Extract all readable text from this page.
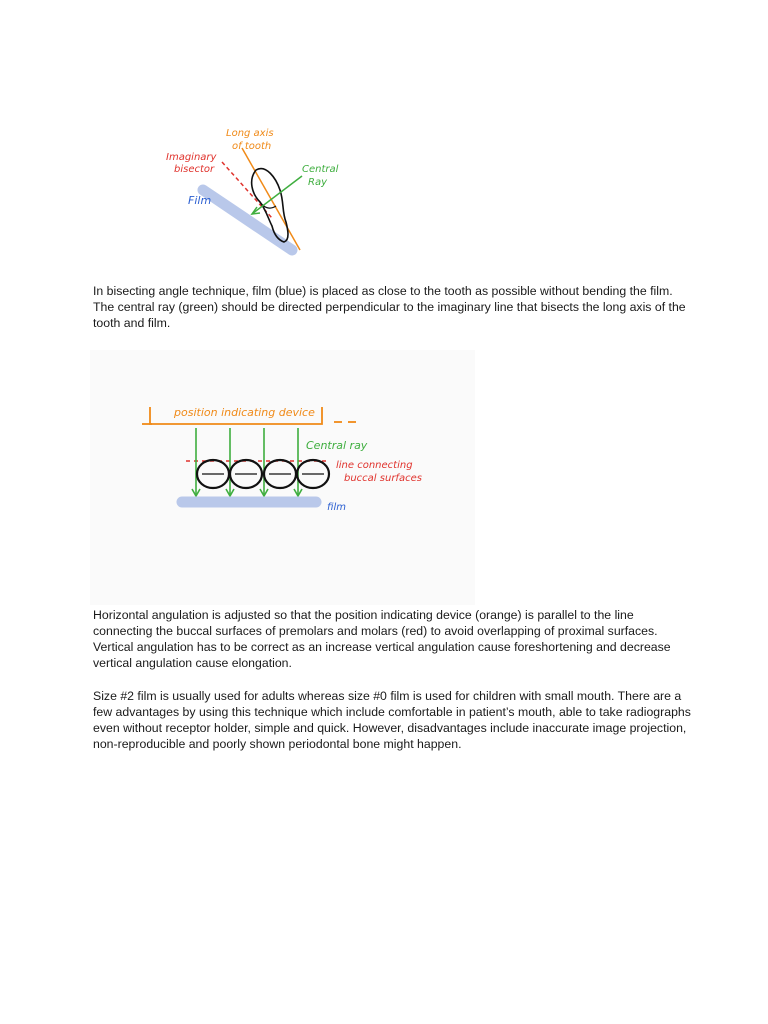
Long axis
of tooth
Imaginary
bisector	Central
Ray
Film

In bisecting angle technique, film (blue) is placed as close to the tooth as possible without bending the film. The central ray (green) should be directed perpendicular to the imaginary line that bisects the long axis of the tooth and film.

position indicating device
Central ray
line connecting
buccal surfaces
film

Horizontal angulation is adjusted so that the position indicating device (orange) is parallel to the line connecting the buccal surfaces of premolars and molars (red) to avoid overlapping of proximal surfaces. Vertical angulation has to be correct as an increase vertical angulation cause foreshortening and decrease vertical angulation cause elongation.

Size #2 film is usually used for adults whereas size #0 film is used for children with small mouth. There are a few advantages by using this technique which include comfortable in patient’s mouth, able to take radiographs even without receptor holder, simple and quick. However, disadvantages include inaccurate image projection, non-reproducible and poorly shown periodontal bone might happen.
